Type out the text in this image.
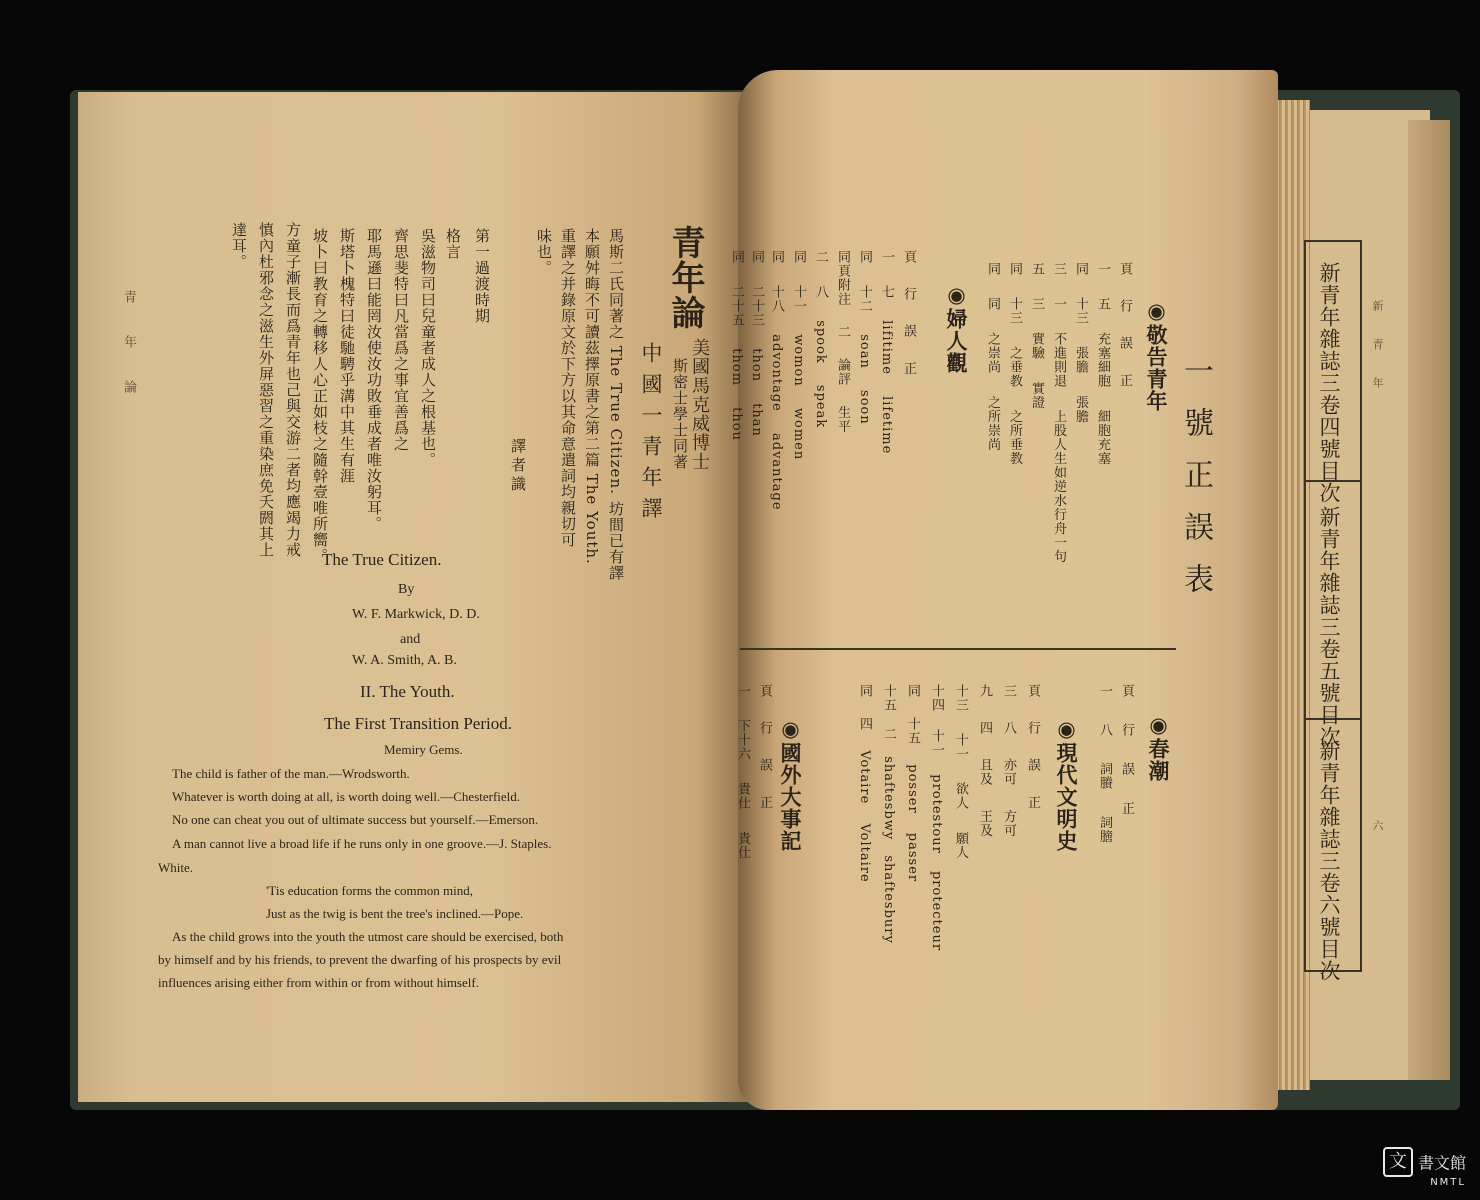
青 年 論
青年論
美國馬克威博士
斯密士學士同著
中國一青年譯
馬斯二氏同著之 The True Citizen. 坊間已有譯
本願舛晦不可讀茲擇原書之第二篇 The Youth.
重譯之并錄原文於下方以其命意遣詞均親切可
味也。
譯者識
第一過渡時期
格言
吳滋物司曰兒童者成人之根基也。
齊思斐特曰凡當爲之事宜善爲之
耶馬遜曰能罔汝使汝功敗垂成者唯汝躬耳。
斯塔卜槐特曰徒馳騁乎溝中其生有涯
坡卜曰教育之轉移人心正如枝之隨幹壹唯所嚮。
方童子漸長而爲青年也己與交游二者均應竭力戒
慎內杜邪念之滋生外屏惡習之重染庶免夭閼其上
達耳。
The True Citizen.
By
W. F. Markwick, D. D.
and
W. A. Smith, A. B.
II. The Youth.
The First Transition Period.
Memiry Gems.
The child is father of the man.—Wrodsworth.
Whatever is worth doing at all, is worth doing well.—Chesterfield.
No one can cheat you out of ultimate success but yourself.—Emerson.
A man cannot live a broad life if he runs only in one groove.—J. Staples.
White.
'Tis education forms the common mind,
Just as the twig is bent the tree's inclined.—Pope.
As the child grows into the youth the utmost care should be exercised, both
by himself and by his friends, to prevent the dwarfing of his prospects by evil
influences arising either from within or from without himself.
一號正誤表
◉敬告青年
頁 行 誤 正
一 五 充塞細胞 細胞充塞
同 十三 張膽 張膽
三 一 不進則退 上股人生如逆水行舟一句
五 三 實驗 實證
同 十三 之垂教 之所垂教
同 同 之崇尚 之所崇尚
◉婦人觀
頁 行 誤 正
一 七 lifitime lifetime
同 十二 soan soon
同頁附注 二 論評 生平
二 八 spook speak
同 十一 womon women
同 十八 advontage advantage
同 二十三 thon than
同 二十五 thom thou
◉春潮
頁 行 誤 正
一 八 詞賸 詞膪
◉現代文明史
頁 行 誤 正
三 八 亦可 方可
九 四 且及 王及
十三 十一 欲人 願人
十四 十一 protestour protecteur
同 十五 posser passer
十五 二 shaftesbwy shaftesbury
同 四 Votaire Voltaire
◉國外大事記
頁 行 誤 正
一 下十六 貴仕 貴仕
新 青 年
六
新青年雜誌三卷四號目次
新青年雜誌三卷五號目次
新青年雜誌三卷六號目次
文 書文館
NMTL
